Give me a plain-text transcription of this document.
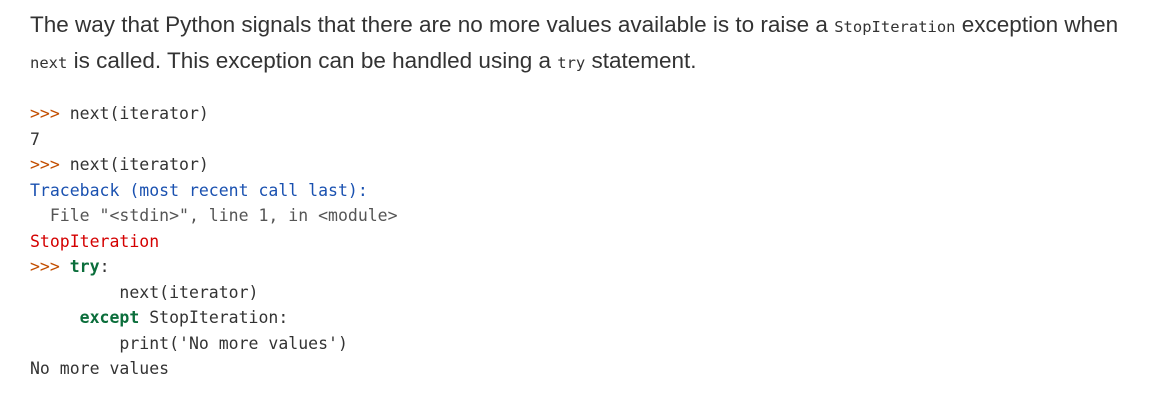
The way that Python signals that there are no more values available is to raise a StopIteration exception when next is called. This exception can be handled using a try statement.

>>> next(iterator)
7
>>> next(iterator)
Traceback (most recent call last):
File "<stdin>", line 1, in <module>
StopIteration
>>> try:
next(iterator)
except StopIteration:
print('No more values')
No more values
